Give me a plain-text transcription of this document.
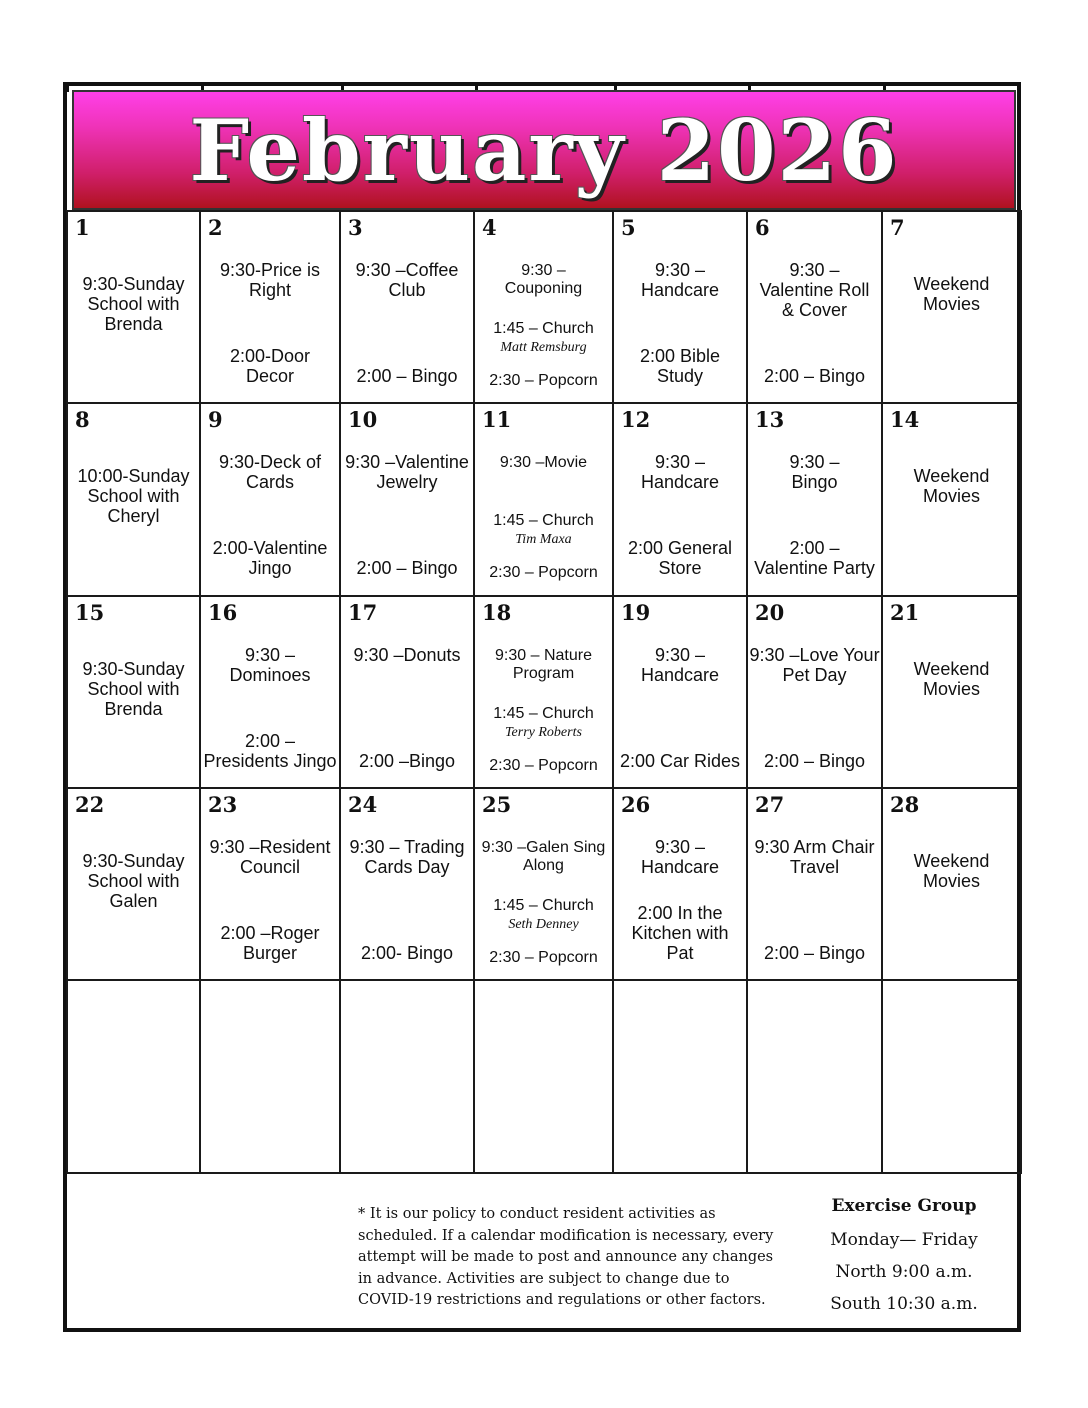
February 2026
1
9:30-Sunday
School with
Brenda
2
9:30-Price is
Right
2:00-Door
Decor
3
9:30 –Coffee
Club
2:00 – Bingo
4
9:30 –
Couponing
1:45 – Church
2:30 – Popcorn
Matt Remsburg
5
9:30 –
Handcare
2:00 Bible
Study
6
9:30 –
Valentine Roll
& Cover
2:00 – Bingo
7
Weekend
Movies
8
10:00-Sunday
School with
Cheryl
9
9:30-Deck of
Cards
2:00-Valentine
Jingo
10
9:30 –Valentine
Jewelry
2:00 – Bingo
11
9:30 –Movie
1:45 – Church
2:30 – Popcorn
Tim Maxa
12
9:30 –
Handcare
2:00 General
Store
13
9:30 –
Bingo
2:00 –
Valentine Party
14
Weekend
Movies
15
9:30-Sunday
School with
Brenda
16
9:30 –
Dominoes
2:00 –
Presidents Jingo
17
9:30 –Donuts
2:00 –Bingo
18
9:30 – Nature
Program
1:45 – Church
2:30 – Popcorn
Terry Roberts
19
9:30 –
Handcare
2:00 Car Rides
20
9:30 –Love Your
Pet Day
2:00 – Bingo
21
Weekend
Movies
22
9:30-Sunday
School with
Galen
23
9:30 –Resident
Council
2:00 –Roger
Burger
24
9:30 – Trading
Cards Day
2:00- Bingo
25
9:30 –Galen Sing
Along
1:45 – Church
2:30 – Popcorn
Seth Denney
26
9:30 –
Handcare
2:00 In the
Kitchen with
Pat
27
9:30 Arm Chair
Travel
2:00 – Bingo
28
Weekend
Movies
* It is our policy to conduct resident activities as scheduled. If a calendar modification is necessary, every attempt will be made to post and announce any changes in advance. Activities are subject to change due to COVID-19 restrictions and regulations or other factors.
Exercise Group
Monday— Friday
North 9:00 a.m.
South 10:30 a.m.
